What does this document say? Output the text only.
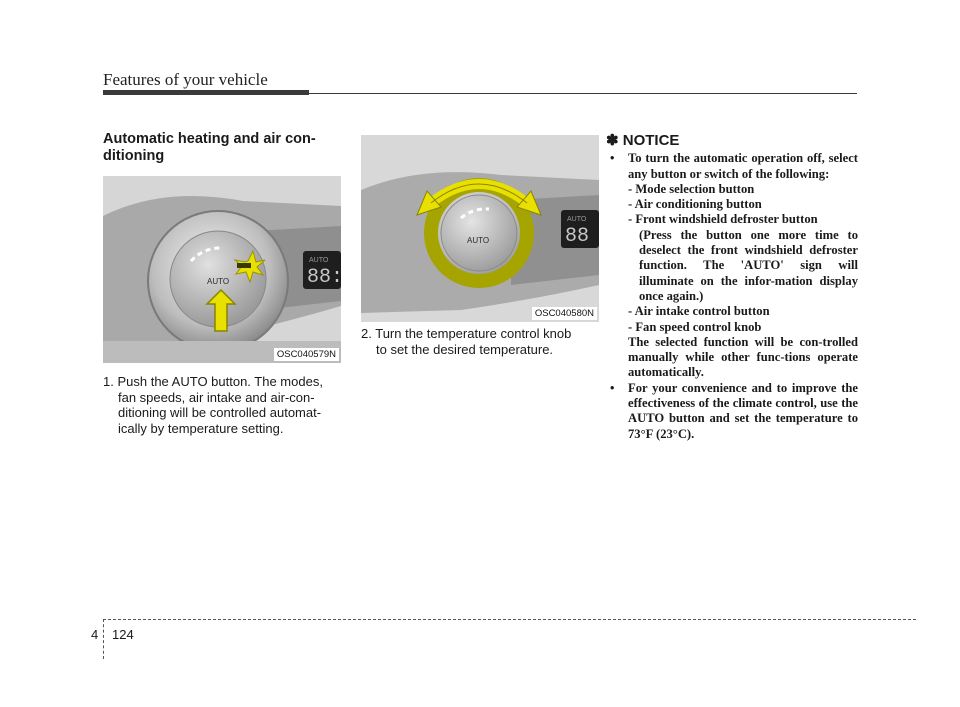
Features of your vehicle
Automatic heating and air con-
ditioning
AUTO
88:
AUTO
OSC040579N
AUTO
88
AUTO
OSC040580N
1. Push the AUTO button. The modes,
fan speeds, air intake and air-con-ditioning will be controlled automat-ically by temperature setting.
2. Turn the temperature control knob
to set the desired temperature.
✽ NOTICE
• To turn the automatic operation off, select any button or switch of the following:
- Mode selection button
- Air conditioning button
- Front windshield defroster button
(Press the button one more time to deselect the front windshield defroster function. The 'AUTO' sign will illuminate on the infor-mation display once again.)
- Air intake control button
- Fan speed control knob
The selected function will be con-trolled manually while other func-tions operate automatically.
• For your convenience and to improve the effectiveness of the climate control, use the AUTO button and set the temperature to 73°F (23°C).
4 124
